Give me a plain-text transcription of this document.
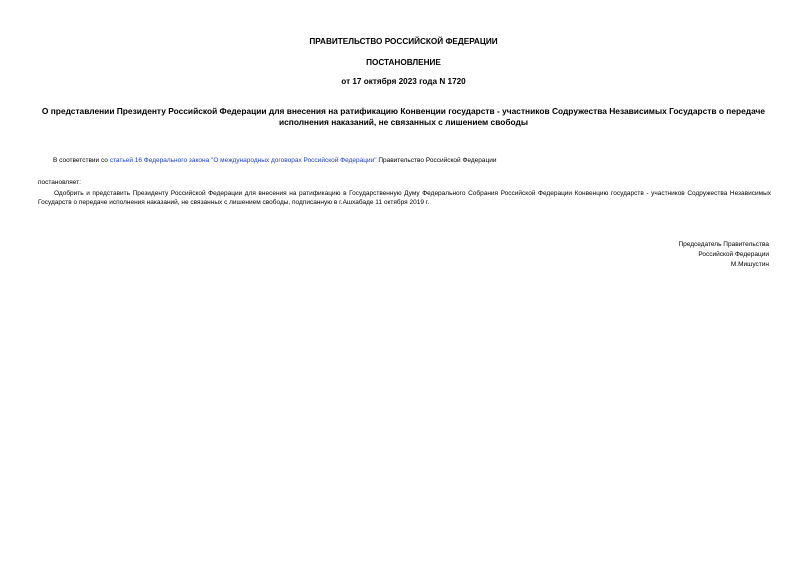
ПРАВИТЕЛЬСТВО РОССИЙСКОЙ ФЕДЕРАЦИИ
ПОСТАНОВЛЕНИЕ
от 17 октября 2023 года N 1720
О представлении Президенту Российской Федерации для внесения на ратификацию Конвенции государств - участников Содружества Независимых Государств о передаче исполнения наказаний, не связанных с лишением свободы
В соответствии со статьей 16 Федерального закона "О международных договорах Российской Федерации" Правительство Российской Федерации
постановляет:
Одобрить и представить Президенту Российской Федерации для внесения на ратификацию в Государственную Думу Федерального Собрания Российской Федерации Конвенцию государств - участников Содружества Независимых Государств о передаче исполнения наказаний, не связанных с лишением свободы, подписанную в г.Ашхабаде 11 октября 2019 г.
Председатель Правительства
Российской Федерации
М.Мишустин
